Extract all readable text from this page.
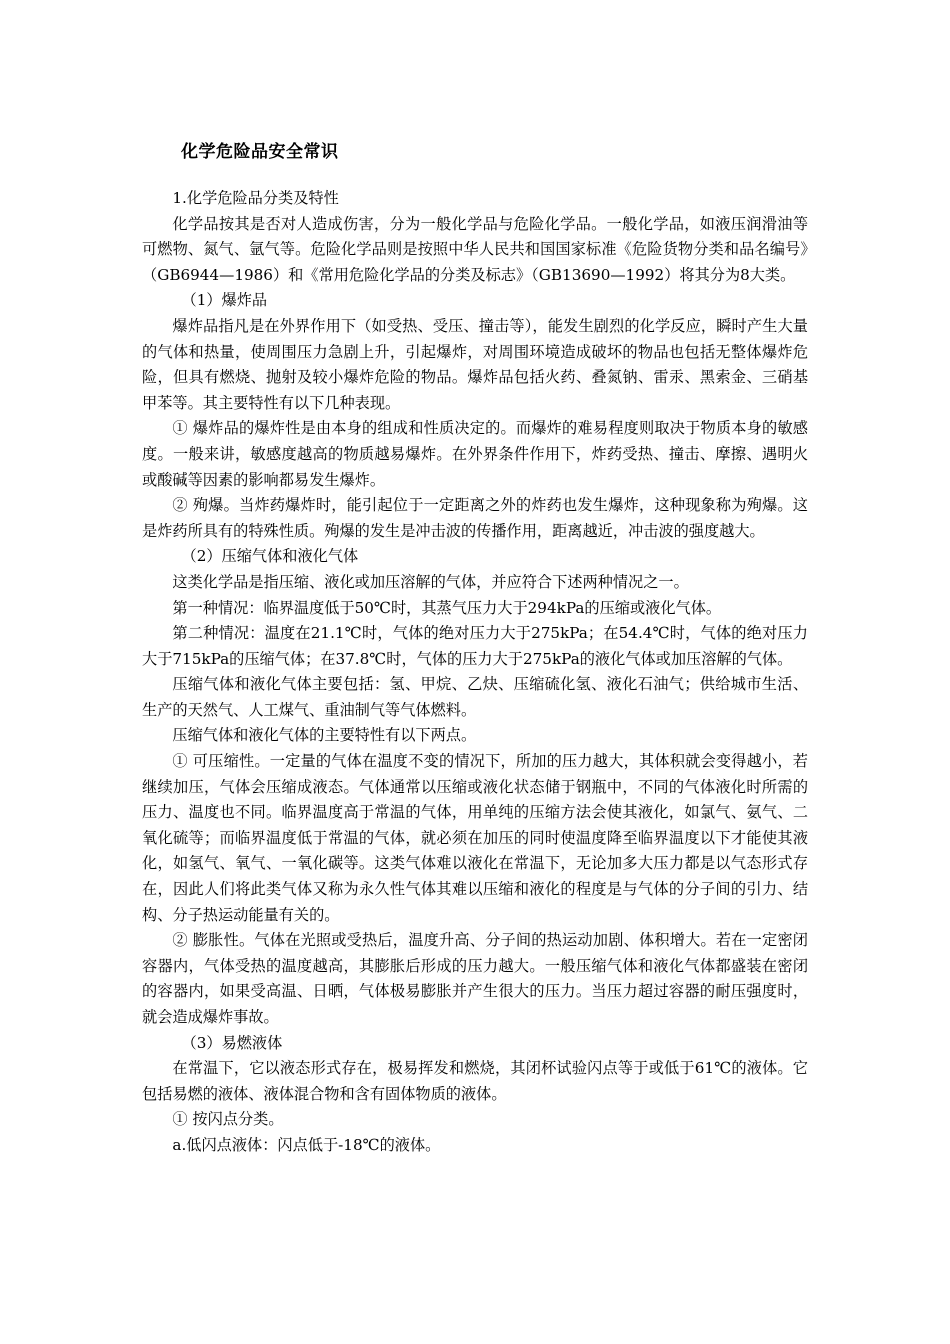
化学危险品安全常识

1.化学危险品分类及特性

化学品按其是否对人造成伤害，分为一般化学品与危险化学品。一般化学品，如液压润滑油等可燃物、氮气、氩气等。危险化学品则是按照中华人民共和国国家标准《危险货物分类和品名编号》（GB6944—1986）和《常用危险化学品的分类及标志》（GB13690—1992）将其分为8大类。

（1）爆炸品

爆炸品指凡是在外界作用下（如受热、受压、撞击等），能发生剧烈的化学反应，瞬时产生大量的气体和热量，使周围压力急剧上升，引起爆炸，对周围环境造成破坏的物品也包括无整体爆炸危险，但具有燃烧、抛射及较小爆炸危险的物品。爆炸品包括火药、叠氮钠、雷汞、黑索金、三硝基甲苯等。其主要特性有以下几种表现。

① 爆炸品的爆炸性是由本身的组成和性质决定的。而爆炸的难易程度则取决于物质本身的敏感度。一般来讲，敏感度越高的物质越易爆炸。在外界条件作用下，炸药受热、撞击、摩擦、遇明火或酸碱等因素的影响都易发生爆炸。

② 殉爆。当炸药爆炸时，能引起位于一定距离之外的炸药也发生爆炸，这种现象称为殉爆。这是炸药所具有的特殊性质。殉爆的发生是冲击波的传播作用，距离越近，冲击波的强度越大。

（2）压缩气体和液化气体

这类化学品是指压缩、液化或加压溶解的气体，并应符合下述两种情况之一。

第一种情况：临界温度低于50℃时，其蒸气压力大于294kPa的压缩或液化气体。

第二种情况：温度在21.1℃时，气体的绝对压力大于275kPa；在54.4℃时，气体的绝对压力大于715kPa的压缩气体；在37.8℃时，气体的压力大于275kPa的液化气体或加压溶解的气体。

压缩气体和液化气体主要包括：氢、甲烷、乙炔、压缩硫化氢、液化石油气；供给城市生活、生产的天然气、人工煤气、重油制气等气体燃料。

压缩气体和液化气体的主要特性有以下两点。

① 可压缩性。一定量的气体在温度不变的情况下，所加的压力越大，其体积就会变得越小，若继续加压，气体会压缩成液态。气体通常以压缩或液化状态储于钢瓶中，不同的气体液化时所需的压力、温度也不同。临界温度高于常温的气体，用单纯的压缩方法会使其液化，如氯气、氨气、二氧化硫等；而临界温度低于常温的气体，就必须在加压的同时使温度降至临界温度以下才能使其液化，如氢气、氧气、一氧化碳等。这类气体难以液化在常温下，无论加多大压力都是以气态形式存在，因此人们将此类气体又称为永久性气体其难以压缩和液化的程度是与气体的分子间的引力、结构、分子热运动能量有关的。

② 膨胀性。气体在光照或受热后，温度升高、分子间的热运动加剧、体积增大。若在一定密闭容器内，气体受热的温度越高，其膨胀后形成的压力越大。一般压缩气体和液化气体都盛装在密闭的容器内，如果受高温、日晒，气体极易膨胀并产生很大的压力。当压力超过容器的耐压强度时，就会造成爆炸事故。

（3）易燃液体

在常温下，它以液态形式存在，极易挥发和燃烧，其闭杯试验闪点等于或低于61℃的液体。它包括易燃的液体、液体混合物和含有固体物质的液体。

① 按闪点分类。

a.低闪点液体：闪点低于-18℃的液体。
